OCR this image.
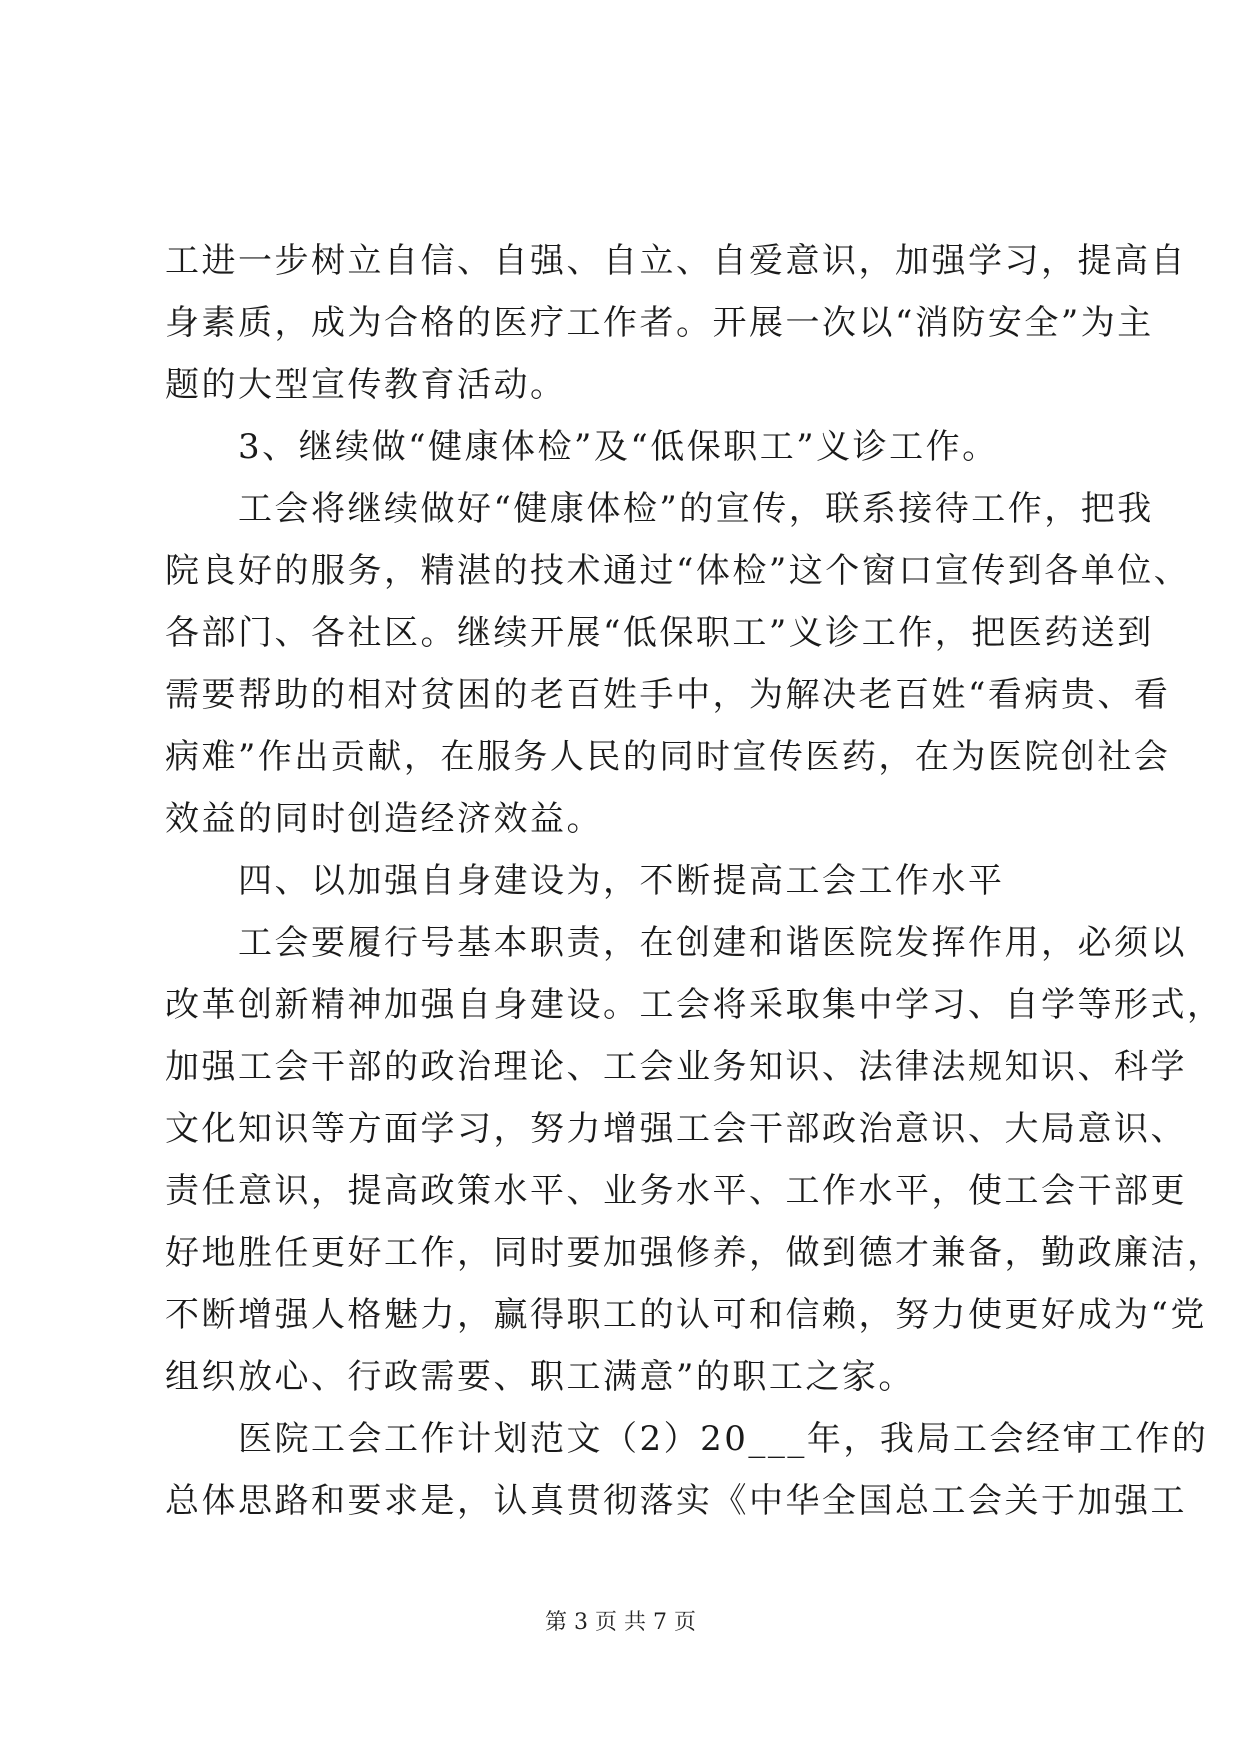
工进一步树立自信、自强、自立、自爱意识，加强学习，提高自
身素质，成为合格的医疗工作者。开展一次以“消防安全”为主
题的大型宣传教育活动。
　　3、继续做“健康体检”及“低保职工”义诊工作。
　　工会将继续做好“健康体检”的宣传，联系接待工作，把我
院良好的服务，精湛的技术通过“体检”这个窗口宣传到各单位、
各部门、各社区。继续开展“低保职工”义诊工作，把医药送到
需要帮助的相对贫困的老百姓手中，为解决老百姓“看病贵、看
病难”作出贡献，在服务人民的同时宣传医药，在为医院创社会
效益的同时创造经济效益。
　　四、以加强自身建设为，不断提高工会工作水平
　　工会要履行号基本职责，在创建和谐医院发挥作用，必须以
改革创新精神加强自身建设。工会将采取集中学习、自学等形式，
加强工会干部的政治理论、工会业务知识、法律法规知识、科学
文化知识等方面学习，努力增强工会干部政治意识、大局意识、
责任意识，提高政策水平、业务水平、工作水平，使工会干部更
好地胜任更好工作，同时要加强修养，做到德才兼备，勤政廉洁，
不断增强人格魅力，赢得职工的认可和信赖，努力使更好成为“党
组织放心、行政需要、职工满意”的职工之家。
　　医院工会工作计划范文（2）20___年，我局工会经审工作的
总体思路和要求是，认真贯彻落实《中华全国总工会关于加强工
第 3 页 共 7 页
